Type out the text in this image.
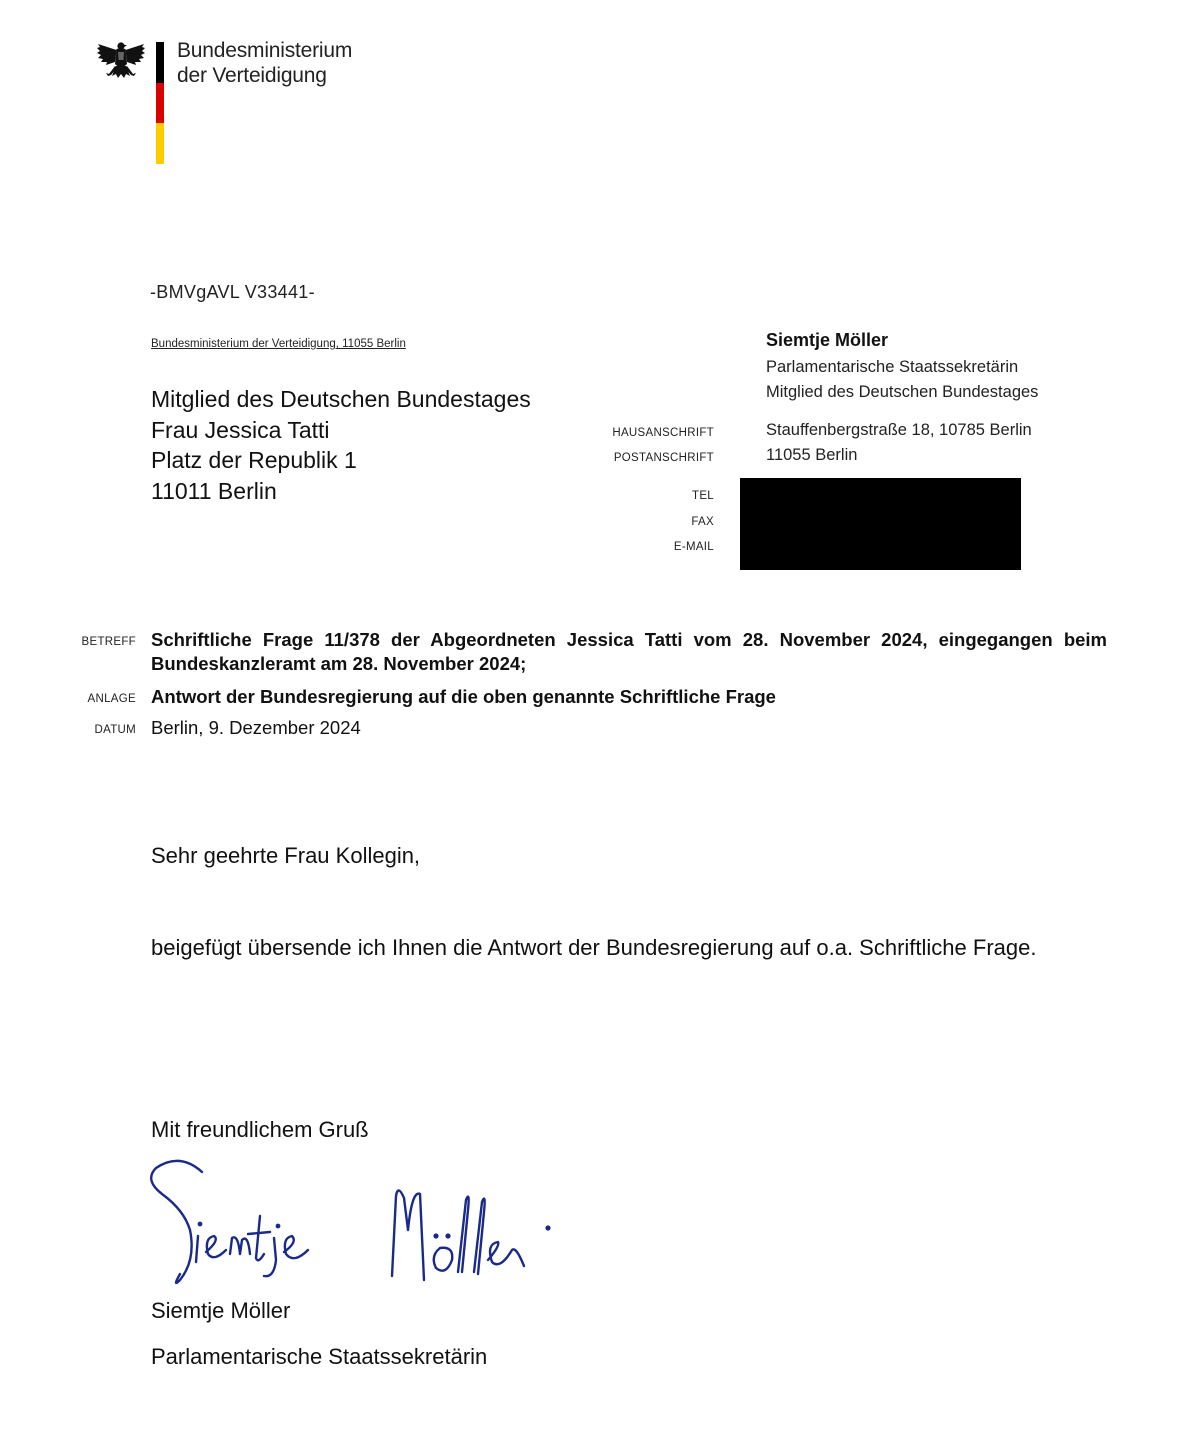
Bundesministerium
der Verteidigung
-BMVgAVL V33441-
Bundesministerium der Verteidigung, 11055 Berlin
Mitglied des Deutschen Bundestages
Frau Jessica Tatti
Platz der Republik 1
11011 Berlin
Siemtje Möller
Parlamentarische Staatssekretärin
Mitglied des Deutschen Bundestages
HAUSANSCHRIFT	Stauffenbergstraße 18, 10785 Berlin
POSTANSCHRIFT	11055 Berlin
TEL
FAX
E-MAIL
BETREFF Schriftliche Frage 11/378 der Abgeordneten Jessica Tatti vom 28. November 2024, eingegangen beim
Bundeskanzleramt am 28. November 2024;
ANLAGE Antwort der Bundesregierung auf die oben genannte Schriftliche Frage
DATUM Berlin, 9. Dezember 2024
Sehr geehrte Frau Kollegin,
beigefügt übersende ich Ihnen die Antwort der Bundesregierung auf o.a. Schriftliche Frage.
Mit freundlichem Gruß
Siemtje Möller
Parlamentarische Staatssekretärin
